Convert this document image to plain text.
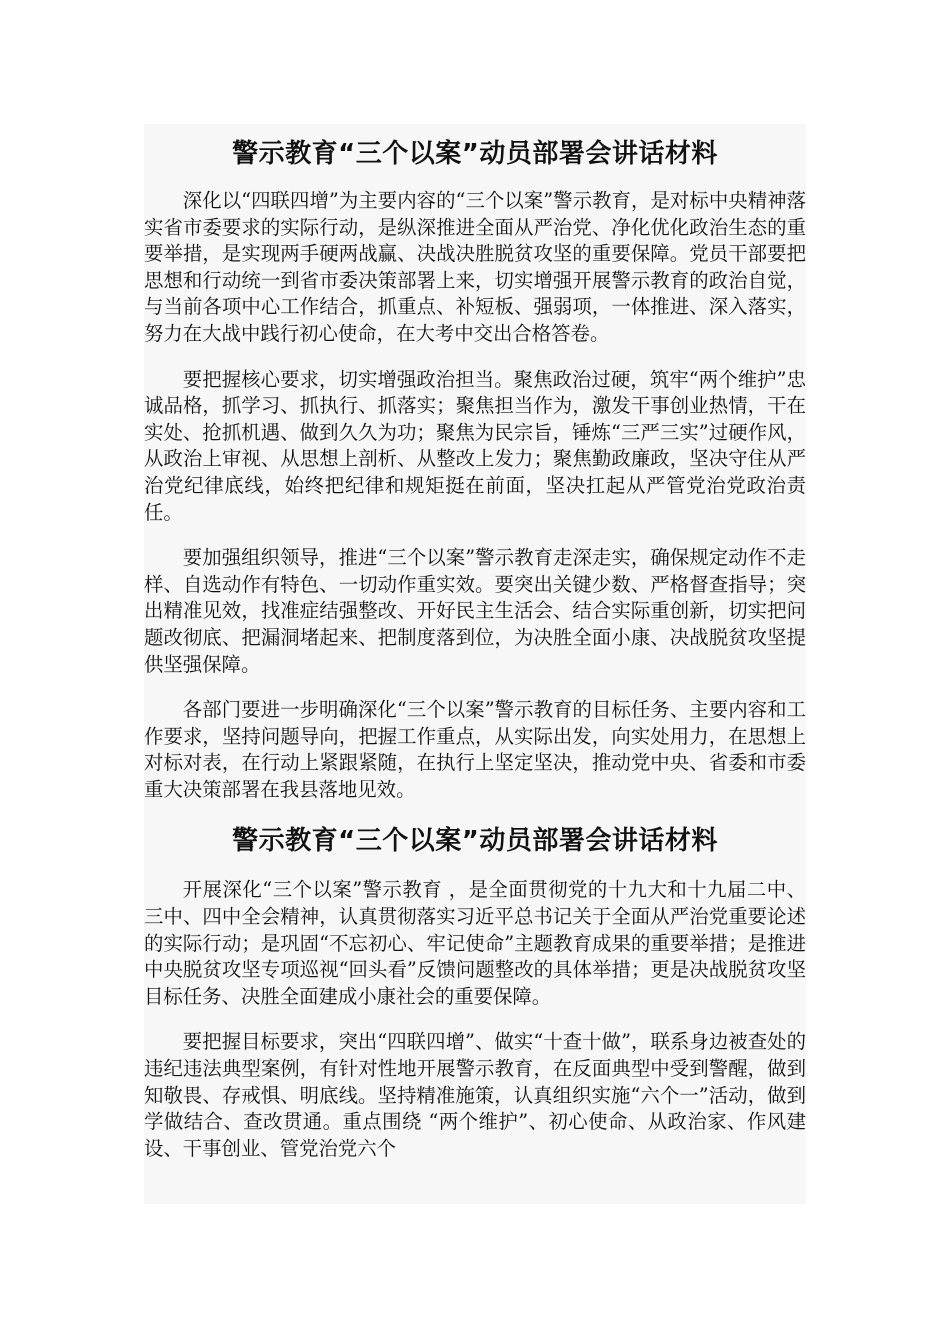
警示教育“三个以案”动员部署会讲话材料

深化以“四联四增”为主要内容的“三个以案”警示教育，是对标中央精神落实省市委要求的实际行动，是纵深推进全面从严治党、净化优化政治生态的重要举措，是实现两手硬两战赢、决战决胜脱贫攻坚的重要保障。党员干部要把思想和行动统一到省市委决策部署上来，切实增强开展警示教育的政治自觉，与当前各项中心工作结合，抓重点、补短板、强弱项，一体推进、深入落实，努力在大战中践行初心使命，在大考中交出合格答卷。

要把握核心要求，切实增强政治担当。聚焦政治过硬，筑牢“两个维护”忠诚品格，抓学习、抓执行、抓落实；聚焦担当作为，激发干事创业热情，干在实处、抢抓机遇、做到久久为功；聚焦为民宗旨，锤炼“三严三实”过硬作风，从政治上审视、从思想上剖析、从整改上发力；聚焦勤政廉政，坚决守住从严治党纪律底线，始终把纪律和规矩挺在前面，坚决扛起从严管党治党政治责任。

要加强组织领导，推进“三个以案”警示教育走深走实，确保规定动作不走样、自选动作有特色、一切动作重实效。要突出关键少数、严格督查指导；突出精准见效，找准症结强整改、开好民主生活会、结合实际重创新，切实把问题改彻底、把漏洞堵起来、把制度落到位，为决胜全面小康、决战脱贫攻坚提供坚强保障。

各部门要进一步明确深化“三个以案”警示教育的目标任务、主要内容和工作要求，坚持问题导向，把握工作重点，从实际出发，向实处用力，在思想上对标对表，在行动上紧跟紧随，在执行上坚定坚决，推动党中央、省委和市委重大决策部署在我县落地见效。

警示教育“三个以案”动员部署会讲话材料

开展深化“三个以案”警示教育 ，是全面贯彻党的十九大和十九届二中、三中、四中全会精神，认真贯彻落实习近平总书记关于全面从严治党重要论述的实际行动；是巩固“不忘初心、牢记使命”主题教育成果的重要举措；是推进中央脱贫攻坚专项巡视“回头看”反馈问题整改的具体举措；更是决战脱贫攻坚目标任务、决胜全面建成小康社会的重要保障。

要把握目标要求，突出“四联四增”、做实“十查十做”，联系身边被查处的违纪违法典型案例，有针对性地开展警示教育，在反面典型中受到警醒，做到知敬畏、存戒惧、明底线。坚持精准施策，认真组织实施“六个一”活动，做到学做结合、查改贯通。重点围绕 “两个维护”、初心使命、从政治家、作风建设、干事创业、管党治党六个
